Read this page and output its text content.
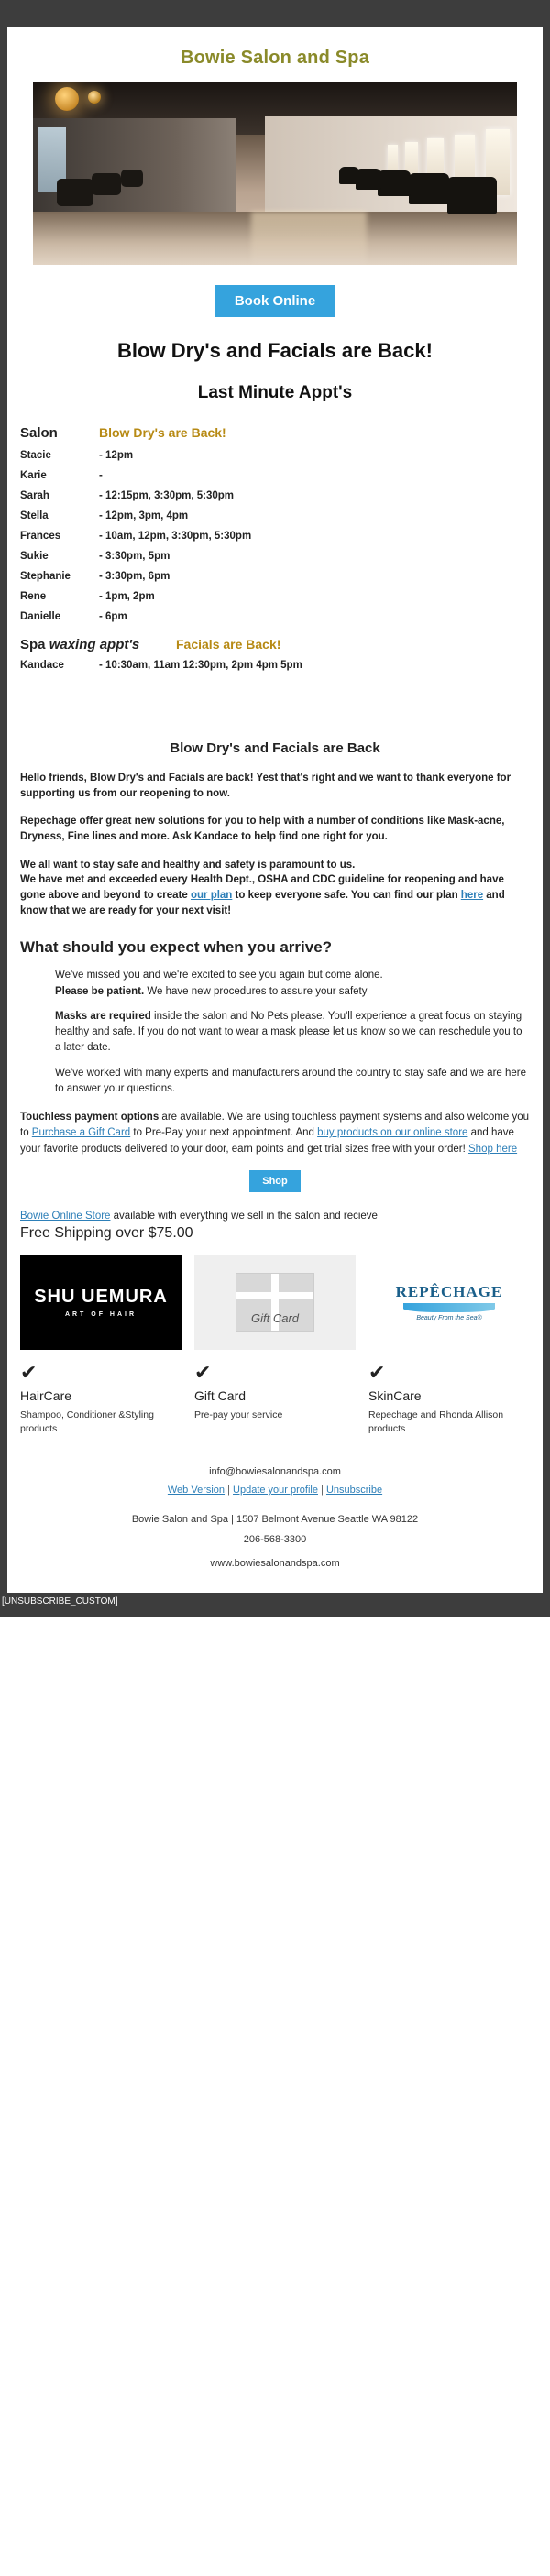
Bowie Salon and Spa
Book Online
Blow Dry's and Facials are Back!
Last Minute Appt's
Salon	Blow Dry's are Back!
Stacie	- 12pm
Karie	-
Sarah	- 12:15pm, 3:30pm, 5:30pm
Stella	- 12pm, 3pm, 4pm
Frances	- 10am, 12pm, 3:30pm, 5:30pm
Sukie	- 3:30pm, 5pm
Stephanie	- 3:30pm, 6pm
Rene	- 1pm, 2pm
Danielle	- 6pm
Spa waxing appt's	Facials are Back!
Kandace	- 10:30am, 11am 12:30pm, 2pm 4pm 5pm
Blow Dry's and Facials are Back
Hello friends, Blow Dry's and Facials are back! Yest that's right and we want to thank everyone for supporting us from our reopening to now.
Repechage offer great new solutions for you to help with a number of conditions like Mask-acne, Dryness, Fine lines and more. Ask Kandace to help find one right for you.
We all want to stay safe and healthy and safety is paramount to us.
We have met and exceeded every Health Dept., OSHA and CDC guideline for reopening and have gone above and beyond to create our plan to keep everyone safe. You can find our plan here and know that we are ready for your next visit!
What should you expect when you arrive?

We've missed you and we're excited to see you again but come alone.
Please be patient. We have new procedures to assure your safety

Masks are required inside the salon and No Pets please. You'll experience a great focus on staying healthy and safe. If you do not want to wear a mask please let us know so we can reschedule you to a later date.

We've worked with many experts and manufacturers around the country to stay safe and we are here to answer your questions.

Touchless payment options are available. We are using touchless payment systems and also welcome you to Purchase a Gift Card to Pre-Pay your next appointment. And buy products on our online store and have your favorite products delivered to your door, earn points and get trial sizes free with your order! Shop here
Shop
Bowie Online Store available with everything we sell in the salon and recieve
Free Shipping over $75.00
SHU UEMURA
ART OF HAIR
✔
HairCare
Shampoo, Conditioner &Styling products
Gift Card
✔
Gift Card
Pre-pay your service
REPÊCHAGE
Beauty From the Sea®
✔
SkinCare
Repechage and Rhonda Allison products
info@bowiesalonandspa.com
Web Version | Update your profile | Unsubscribe
Bowie Salon and Spa | 1507 Belmont Avenue Seattle WA 98122
206-568-3300
www.bowiesalonandspa.com
[UNSUBSCRIBE_CUSTOM]
